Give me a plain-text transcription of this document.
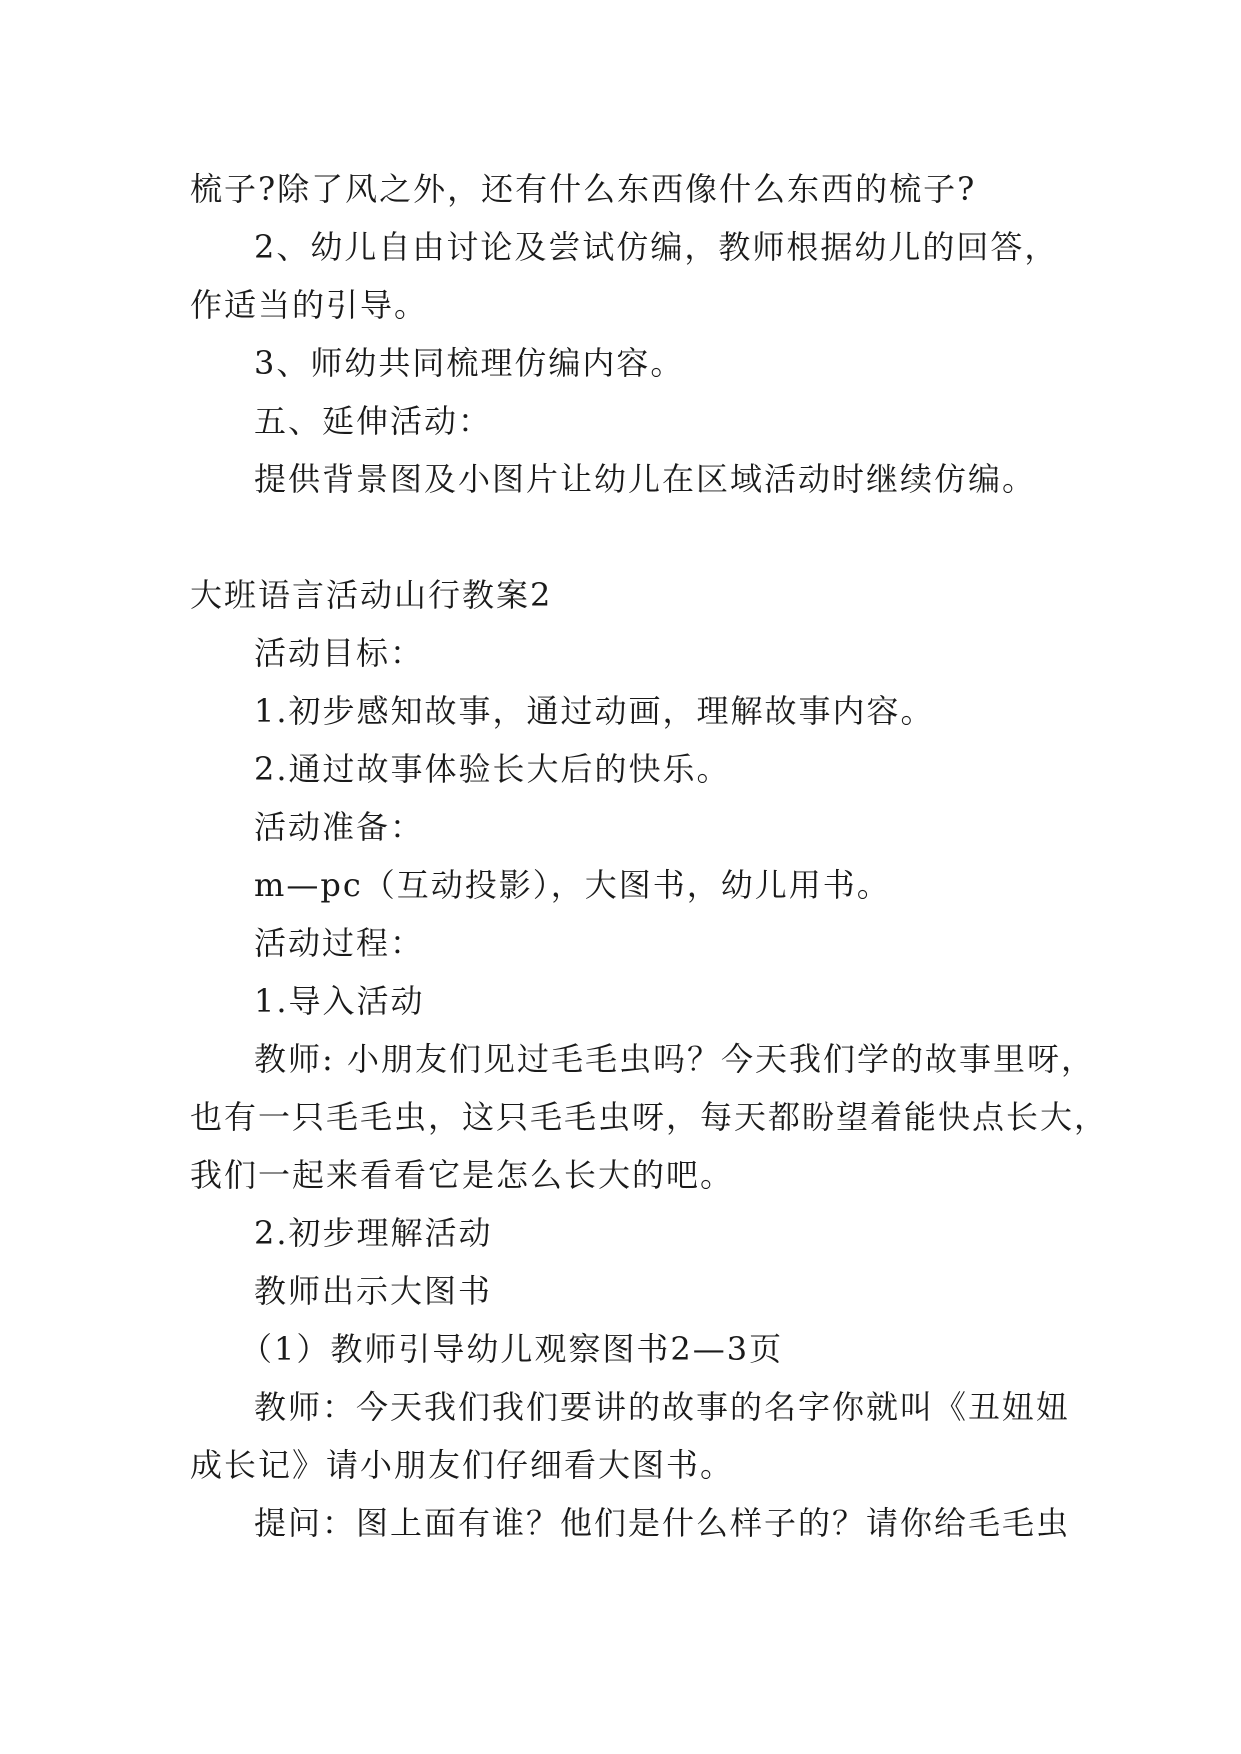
梳子?除了风之外，还有什么东西像什么东西的梳子?

2、幼儿自由讨论及尝试仿编，教师根据幼儿的回答，

作适当的引导。

3、师幼共同梳理仿编内容。

五、延伸活动：

提供背景图及小图片让幼儿在区域活动时继续仿编。

大班语言活动山行教案2

活动目标：

1.初步感知故事，通过动画，理解故事内容。

2.通过故事体验长大后的快乐。

活动准备：

m—pc（互动投影），大图书，幼儿用书。

活动过程：

1.导入活动

教师: 小朋友们见过毛毛虫吗？今天我们学的故事里呀，

也有一只毛毛虫，这只毛毛虫呀，每天都盼望着能快点长大，

我们一起来看看它是怎么长大的吧。

2.初步理解活动

教师出示大图书

（1）教师引导幼儿观察图书2—3页

教师：今天我们我们要讲的故事的名字你就叫《丑妞妞

成长记》请小朋友们仔细看大图书。

提问：图上面有谁？他们是什么样子的？请你给毛毛虫
